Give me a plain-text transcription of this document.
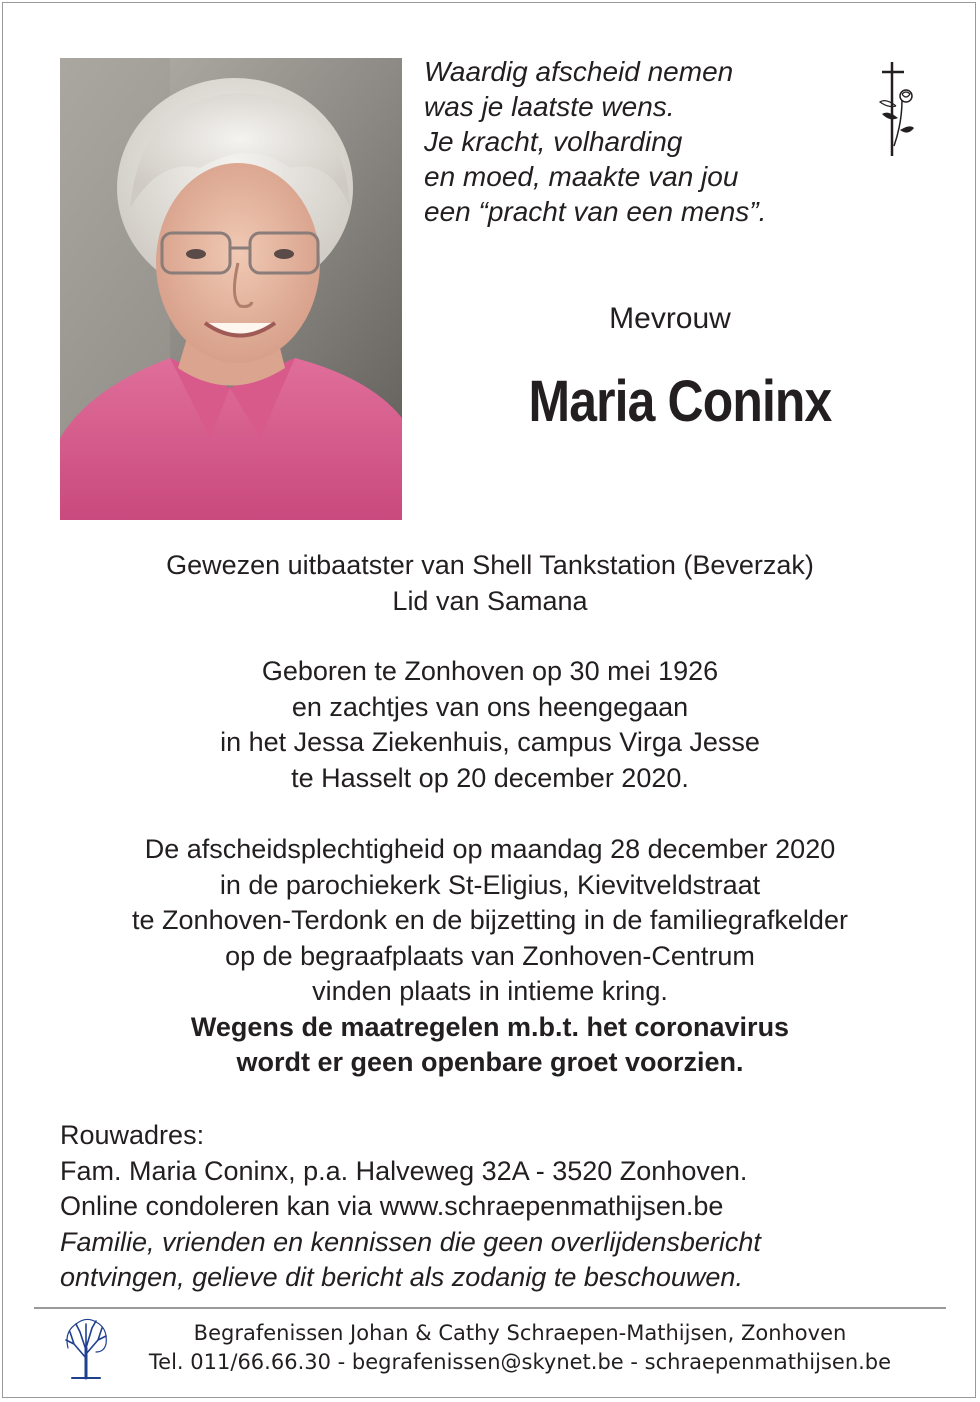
Waardig afscheid nemen
was je laatste wens.
Je kracht, volharding
en moed, maakte van jou
een “pracht van een mens”.
Mevrouw
Maria Coninx
Gewezen uitbaatster van Shell Tankstation (Beverzak)
Lid van Samana
Geboren te Zonhoven op 30 mei 1926
en zachtjes van ons heengegaan
in het Jessa Ziekenhuis, campus Virga Jesse
te Hasselt op 20 december 2020.
De afscheidsplechtigheid op maandag 28 december 2020
in de parochiekerk St-Eligius, Kievitveldstraat
te Zonhoven-Terdonk en de bijzetting in de familiegrafkelder
op de begraafplaats van Zonhoven-Centrum
vinden plaats in intieme kring.
Wegens de maatregelen m.b.t. het coronavirus
wordt er geen openbare groet voorzien.
Rouwadres:
Fam. Maria Coninx, p.a. Halveweg 32A - 3520 Zonhoven.
Online condoleren kan via www.schraepenmathijsen.be
Familie, vrienden en kennissen die geen overlijdensbericht
ontvingen, gelieve dit bericht als zodanig te beschouwen.
Begrafenissen Johan & Cathy Schraepen-Mathijsen, Zonhoven
Tel. 011/66.66.30 - begrafenissen@skynet.be - schraepenmathijsen.be
